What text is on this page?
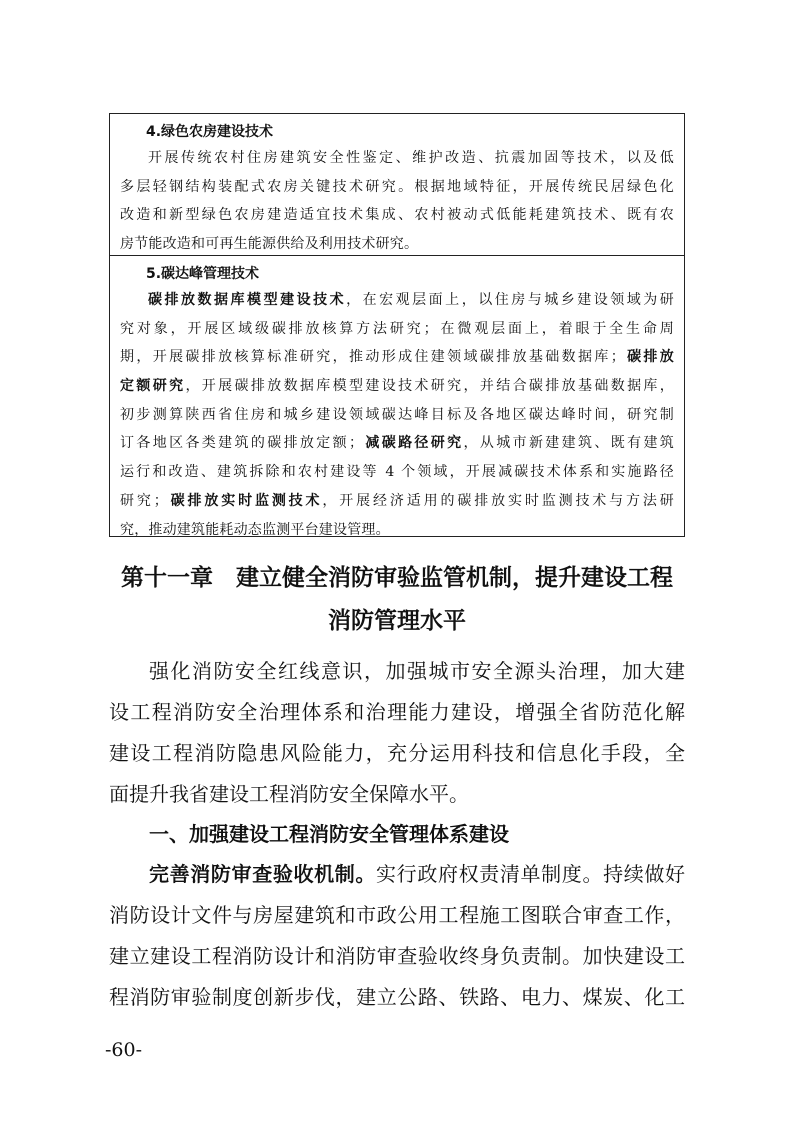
4.绿色农房建设技术
开展传统农村住房建筑安全性鉴定、维护改造、抗震加固等技术，以及低
多层轻钢结构装配式农房关键技术研究。根据地域特征，开展传统民居绿色化
改造和新型绿色农房建造适宜技术集成、农村被动式低能耗建筑技术、既有农
房节能改造和可再生能源供给及利用技术研究。
5.碳达峰管理技术
碳排放数据库模型建设技术，在宏观层面上，以住房与城乡建设领域为研
究对象，开展区域级碳排放核算方法研究；在微观层面上，着眼于全生命周
期，开展碳排放核算标准研究，推动形成住建领域碳排放基础数据库；碳排放
定额研究，开展碳排放数据库模型建设技术研究，并结合碳排放基础数据库，
初步测算陕西省住房和城乡建设领域碳达峰目标及各地区碳达峰时间，研究制
订各地区各类建筑的碳排放定额；减碳路径研究，从城市新建建筑、既有建筑
运行和改造、建筑拆除和农村建设等 4 个领域，开展减碳技术体系和实施路径
研究；碳排放实时监测技术，开展经济适用的碳排放实时监测技术与方法研
究，推动建筑能耗动态监测平台建设管理。
第十一章　建立健全消防审验监管机制，提升建设工程
消防管理水平
强化消防安全红线意识，加强城市安全源头治理，加大建
设工程消防安全治理体系和治理能力建设，增强全省防范化解
建设工程消防隐患风险能力，充分运用科技和信息化手段，全
面提升我省建设工程消防安全保障水平。
一、加强建设工程消防安全管理体系建设
完善消防审查验收机制。实行政府权责清单制度。持续做好
消防设计文件与房屋建筑和市政公用工程施工图联合审查工作，
建立建设工程消防设计和消防审查验收终身负责制。加快建设工
程消防审验制度创新步伐，建立公路、铁路、电力、煤炭、化工
-60-
